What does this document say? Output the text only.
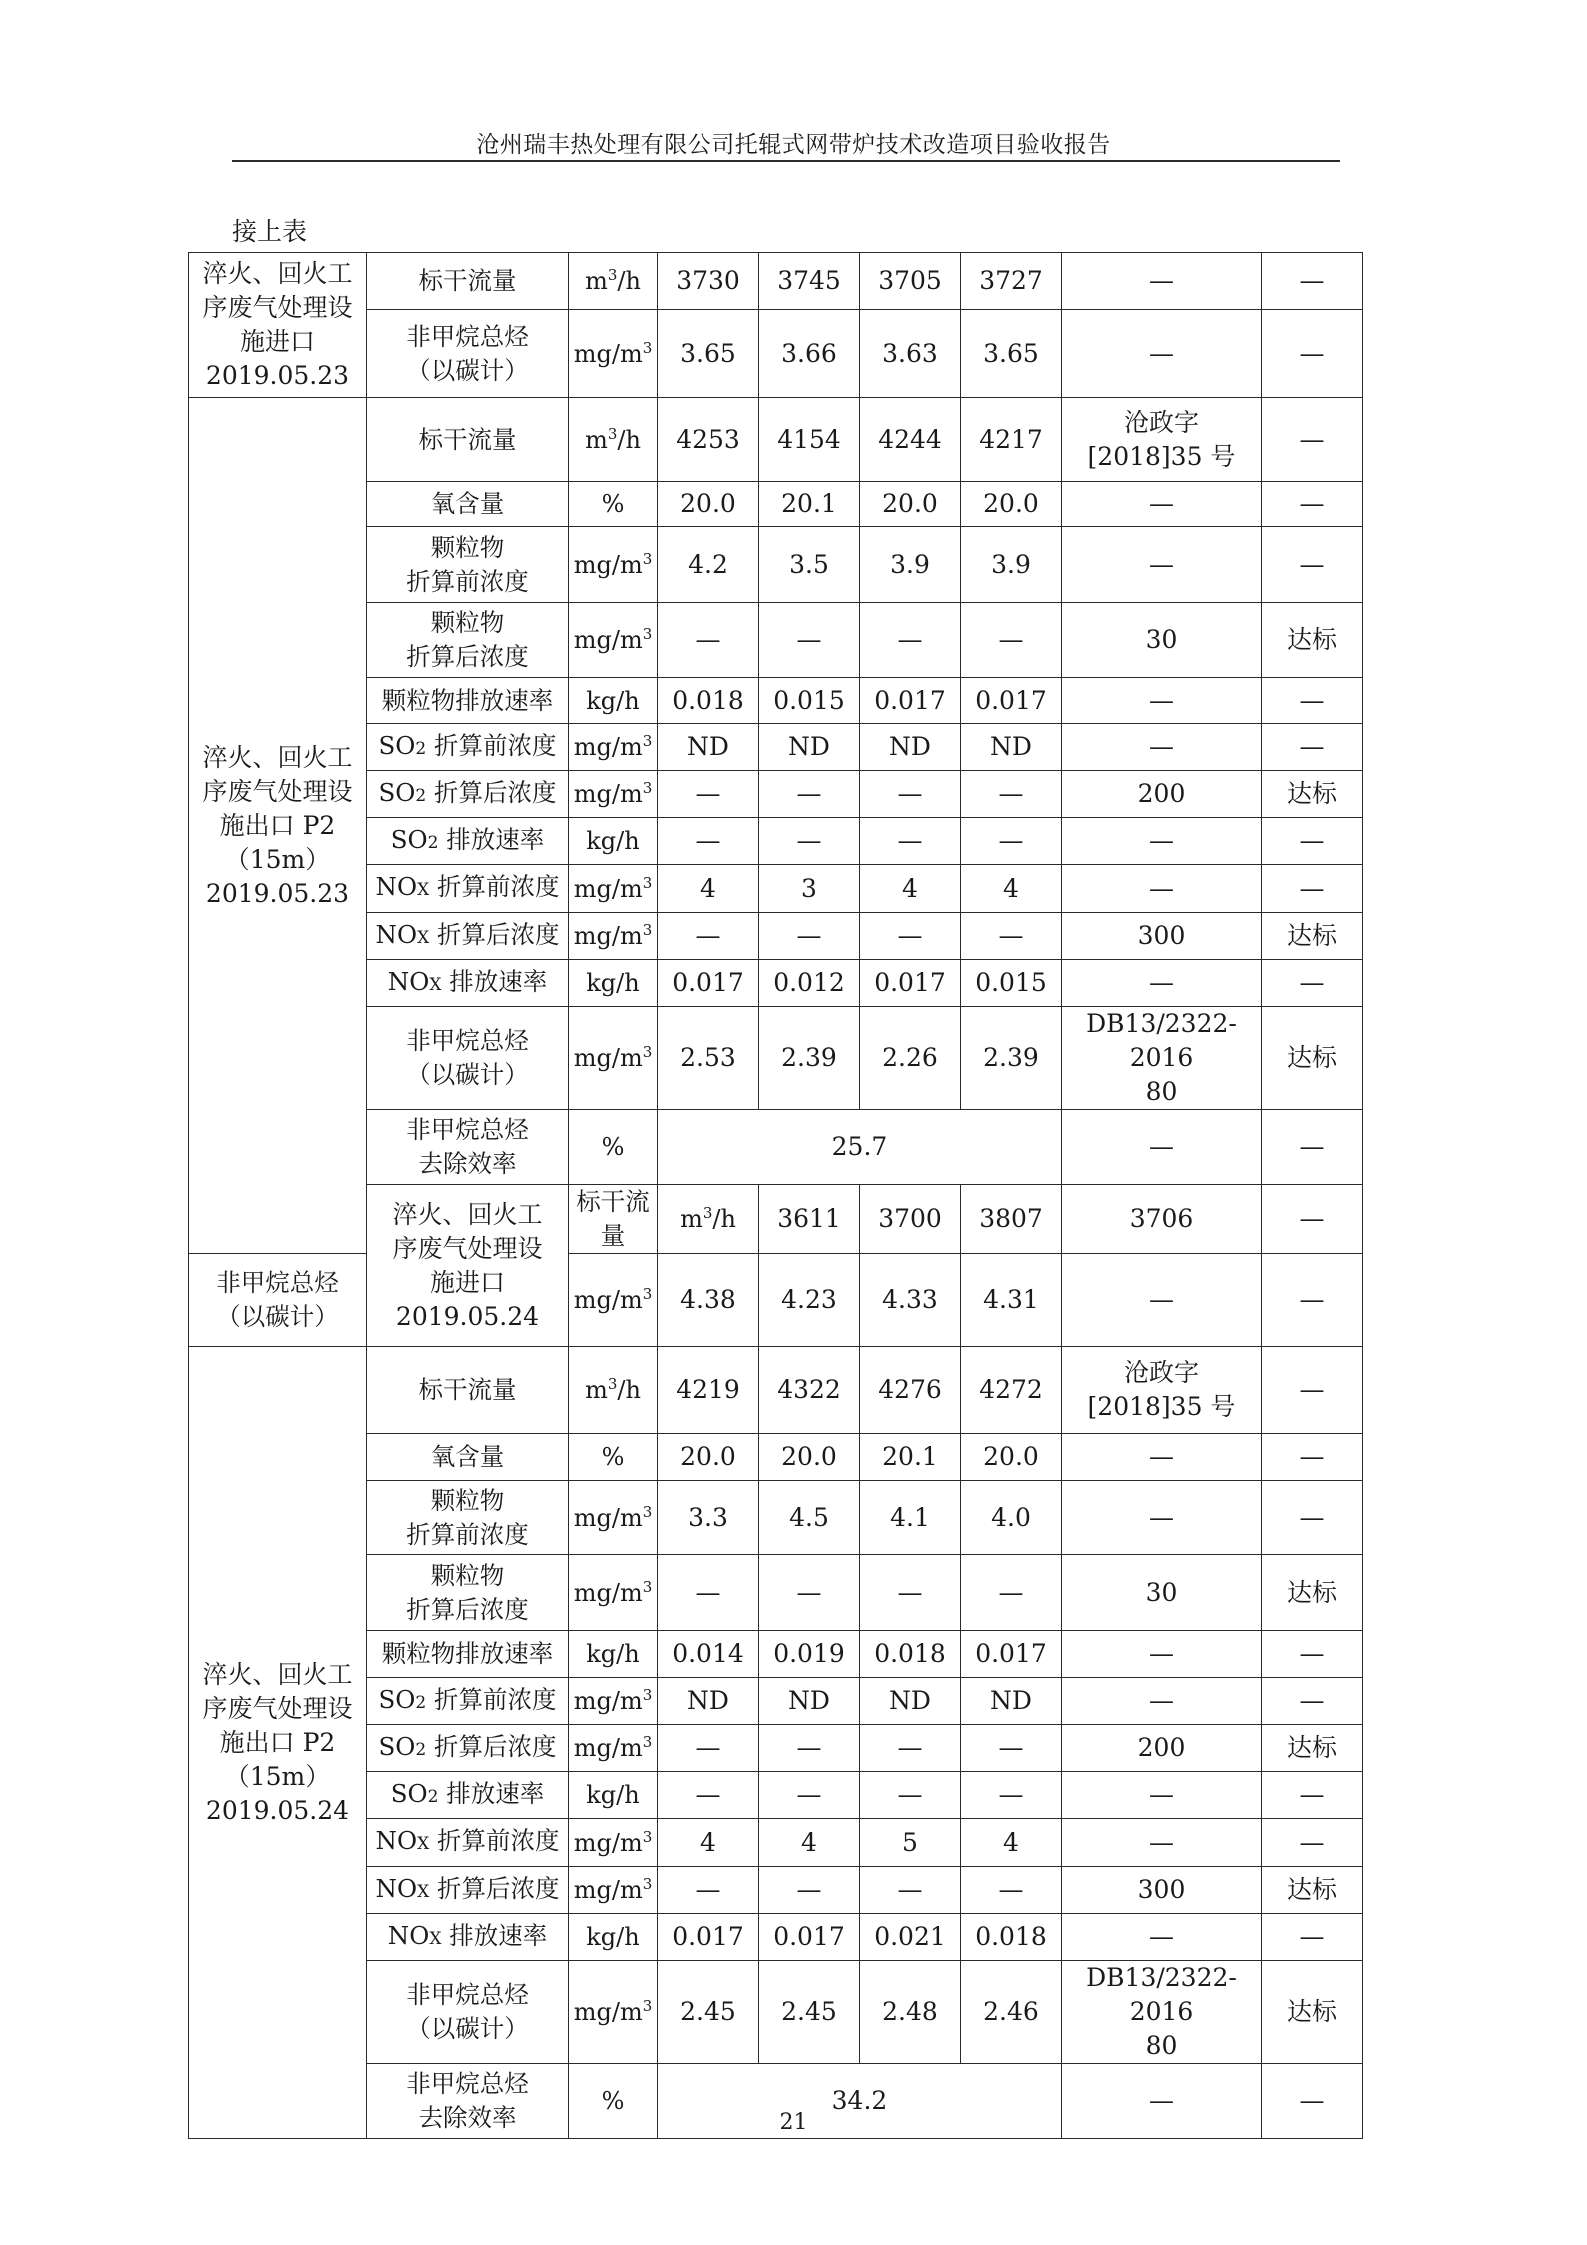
沧州瑞丰热处理有限公司托辊式网带炉技术改造项目验收报告
接上表
淬火、回火工
序废气处理设
施进口
2019.05.23	标干流量	$m^3/h$	3730	3745	3705	3727	—	—	

	非甲烷总烃
（以碳计）	$mg/m^3$	3.65	3.66	3.63	3.65	—	—	

淬火、回火工
序废气处理设
施出口 P2
（15m）
2019.05.23	标干流量	$m^3/h$	4253	4154	4244	4217	沧政字
[2018]35 号	—	

	氧含量	%	20.0	20.1	20.0	20.0	—	—	

	颗粒物
折算前浓度	$mg/m^3$	4.2	3.5	3.9	3.9	—	—	

	颗粒物
折算后浓度	$mg/m^3$	—	—	—	—	30	达标	

	颗粒物排放速率	kg/h	0.018	0.015	0.017	0.017	—	—	

	SO2 折算前浓度	$mg/m^3$	ND	ND	ND	ND	—	—	

	SO2 折算后浓度	$mg/m^3$	—	—	—	—	200	达标	

	SO2 排放速率	kg/h	—	—	—	—	—	—	

	NOX 折算前浓度	$mg/m^3$	4	3	4	4	—	—	

	NOX 折算后浓度	$mg/m^3$	—	—	—	—	300	达标	

	NOX 排放速率	kg/h	0.017	0.012	0.017	0.015	—	—	

	非甲烷总烃
（以碳计）	$mg/m^3$	2.53	2.39	2.26	2.39	DB13/2322-2016
80	达标	

	非甲烷总烃
去除效率	%	25.7				—	—	

	淬火、回火工
序废气处理设
施进口
2019.05.24	标干流量	$m^3/h$	3611	3700	3807	3706	—

非甲烷总烃
（以碳计）		$mg/m^3$	4.38	4.23	4.33	4.31	—	—	

淬火、回火工
序废气处理设
施出口 P2
（15m）
2019.05.24	标干流量	$m^3/h$	4219	4322	4276	4272	沧政字
[2018]35 号	—	

	氧含量	%	20.0	20.0	20.1	20.0	—	—	

	颗粒物
折算前浓度	$mg/m^3$	3.3	4.5	4.1	4.0	—	—	

	颗粒物
折算后浓度	$mg/m^3$	—	—	—	—	30	达标	

	颗粒物排放速率	kg/h	0.014	0.019	0.018	0.017	—	—	

	SO2 折算前浓度	$mg/m^3$	ND	ND	ND	ND	—	—	

	SO2 折算后浓度	$mg/m^3$	—	—	—	—	200	达标	

	SO2 排放速率	kg/h	—	—	—	—	—	—	

	NOX 折算前浓度	$mg/m^3$	4	4	5	4	—	—	

	NOX 折算后浓度	$mg/m^3$	—	—	—	—	300	达标	

	NOX 排放速率	kg/h	0.017	0.017	0.021	0.018	—	—	

	非甲烷总烃
（以碳计）	$mg/m^3$	2.45	2.45	2.48	2.46	DB13/2322-2016
80	达标	

	非甲烷总烃
去除效率	%	34.2				—	—	
21
